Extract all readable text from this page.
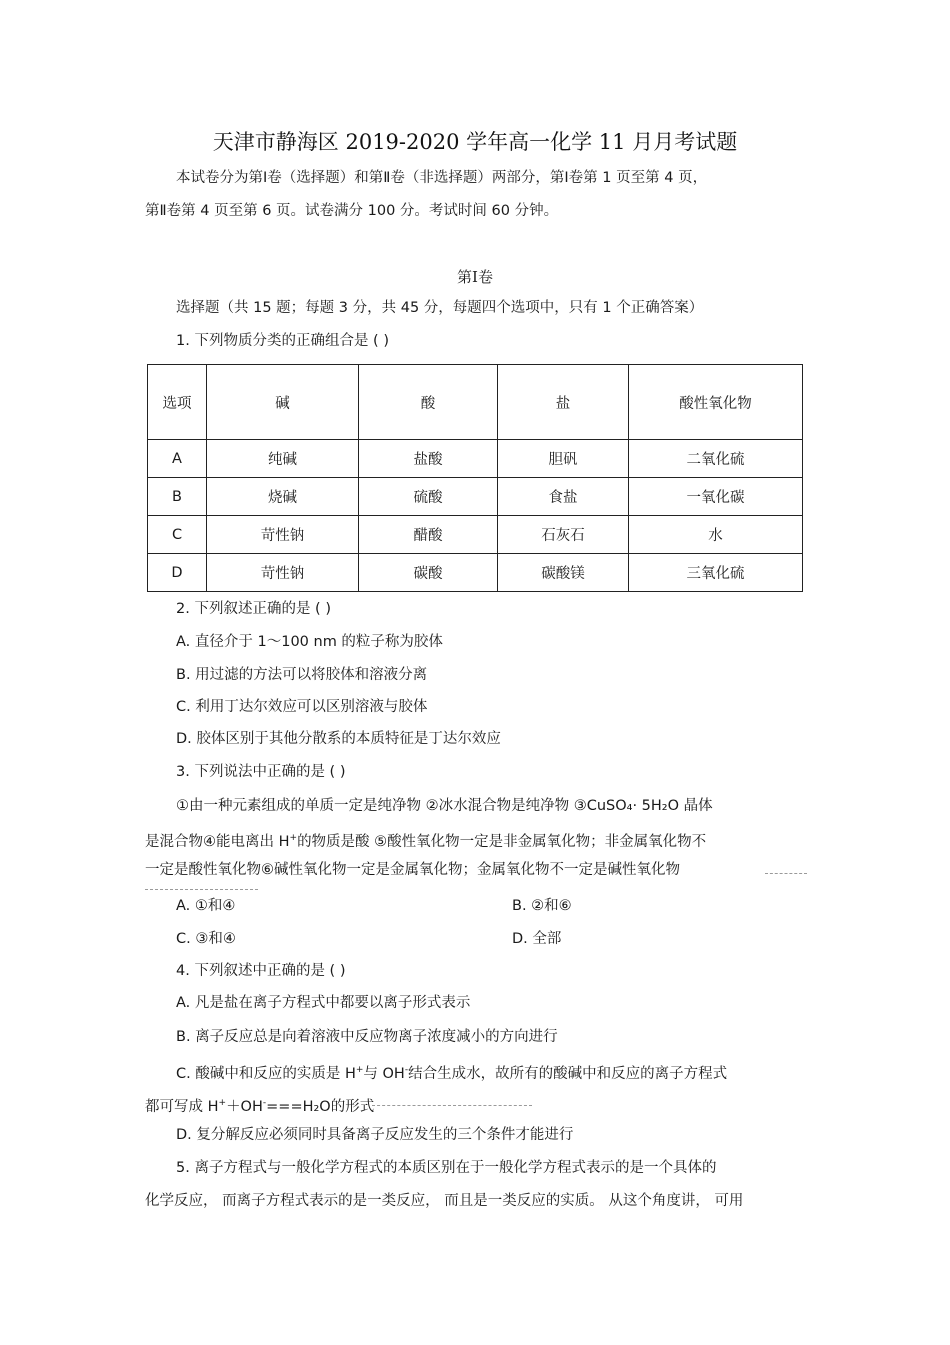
天津市静海区 2019-2020 学年高一化学 11 月月考试题
本试卷分为第Ⅰ卷（选择题）和第Ⅱ卷（非选择题）两部分，第Ⅰ卷第 1 页至第 4 页，
第Ⅱ卷第 4 页至第 6 页。试卷满分 100 分。考试时间 60 分钟。
第Ⅰ卷
选择题（共 15 题；每题 3 分，共 45 分，每题四个选项中，只有 1 个正确答案）
1. 下列物质分类的正确组合是 ( )
选项	碱	酸	盐	酸性氧化物
A	纯碱	盐酸	胆矾	二氧化硫
B	烧碱	硫酸	食盐	一氧化碳
C	苛性钠	醋酸	石灰石	水
D	苛性钠	碳酸	碳酸镁	三氧化硫
2. 下列叙述正确的是 ( )
A. 直径介于 1～100 nm 的粒子称为胶体
B. 用过滤的方法可以将胶体和溶液分离
C. 利用丁达尔效应可以区别溶液与胶体
D. 胶体区别于其他分散系的本质特征是丁达尔效应
3. 下列说法中正确的是 ( )
①由一种元素组成的单质一定是纯净物 ②冰水混合物是纯净物 ③CuSO₄· 5H₂O 晶体
是混合物④能电离出 H+的物质是酸 ⑤酸性氧化物一定是非金属氧化物；非金属氧化物不
一定是酸性氧化物⑥碱性氧化物一定是金属氧化物；金属氧化物不一定是碱性氧化物
A. ①和④	B. ②和⑥
C. ③和④	D. 全部
4. 下列叙述中正确的是 ( )
A. 凡是盐在离子方程式中都要以离子形式表示
B. 离子反应总是向着溶液中反应物离子浓度减小的方向进行
C. 酸碱中和反应的实质是 H+与 OH-结合生成水，故所有的酸碱中和反应的离子方程式
都可写成 H+＋OH-===H₂O的形式
D. 复分解反应必须同时具备离子反应发生的三个条件才能进行
5. 离子方程式与一般化学方程式的本质区别在于一般化学方程式表示的是一个具体的
化学反应， 而离子方程式表示的是一类反应， 而且是一类反应的实质。 从这个角度讲， 可用
